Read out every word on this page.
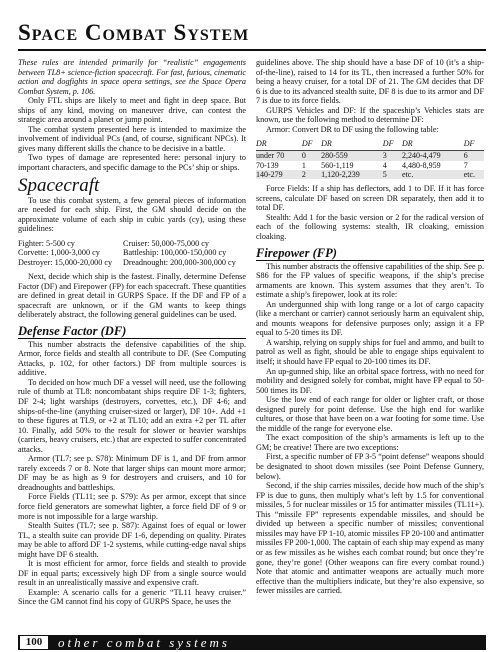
Space Combat System

These rules are intended primarily for “realistic” engagements between TL8+ science-fiction spacecraft. For fast, furious, cinematic action and dogfights in space opera settings, see the Space Opera Combat System, p. 106.

Only FTL ships are likely to meet and fight in deep space. But ships of any kind, moving on maneuver drive, can contest the strategic area around a planet or jump point.

The combat system presented here is intended to maximize the involvement of individual PCs (and, of course, significant NPCs). It gives many different skills the chance to be decisive in a battle.

Two types of damage are represented here: personal injury to important characters, and specific damage to the PCs’ ship or ships.

Spacecraft

To use this combat system, a few general pieces of information are needed for each ship. First, the GM should decide on the approximate volume of each ship in cubic yards (cy), using these guidelines:

Fighter: 5-500 cy	Cruiser: 50,000-75,000 cy
Corvette: 1,000-3,000 cy	Battleship: 100,000-150,000 cy
Destroyer: 15,000-20,000 cy	Dreadnought: 200,000-300,000 cy

Next, decide which ship is the fastest. Finally, determine Defense Factor (DF) and Firepower (FP) for each spacecraft. These quantities are defined in great detail in GURPS Space. If the DF and FP of a spacecraft are unknown, or if the GM wants to keep things deliberately abstract, the following general guidelines can be used.

Defense Factor (DF)

This number abstracts the defensive capabilities of the ship. Armor, force fields and stealth all contribute to DF. (See Computing Attacks, p. 102, for other factors.) DF from multiple sources is additive.

To decided on how much DF a vessel will need, use the following rule of thumb at TL8: noncombatant ships require DF 1-3; fighters, DF 2-4; light warships (destroyers, corvettes, etc.), DF 4-6; and ships-of-the-line (anything cruiser-sized or larger), DF 10+. Add +1 to these figures at TL9, or +2 at TL10; add an extra +2 per TL after 10. Finally, add 50% to the result for slower or heavier warships (carriers, heavy cruisers, etc.) that are expected to suffer concentrated attacks.

Armor (TL7; see p. S78): Minimum DF is 1, and DF from armor rarely exceeds 7 or 8. Note that larger ships can mount more armor; DF may be as high as 9 for destroyers and cruisers, and 10 for dreadnoughts and battleships.

Force Fields (TL11; see p. S79): As per armor, except that since force field generators are somewhat lighter, a force field DF of 9 or more is not impossible for a large warship.

Stealth Suites (TL7; see p. S87): Against foes of equal or lower TL, a stealth suite can provide DF 1-6, depending on quality. Pirates may be able to afford DF 1-2 systems, while cutting-edge naval ships might have DF 6 stealth.

It is most efficient for armor, force fields and stealth to provide DF in equal parts; excessively high DF from a single source would result in an unrealistically massive and expensive craft.

Example: A scenario calls for a generic “TL11 heavy cruiser.” Since the GM cannot find his copy of GURPS Space, he uses the

guidelines above. The ship should have a base DF of 10 (it’s a ship-of-the-line), raised to 14 for its TL, then increased a further 50% for being a heavy cruiser, for a total DF of 21. The GM decides that DF 6 is due to its advanced stealth suite, DF 8 is due to its armor and DF 7 is due to its force fields.

GURPS Vehicles and DF: If the spaceship’s Vehicles stats are known, use the following method to determine DF:

Armor: Convert DR to DF using the following table:

DR	DF	DR	DF	DR	DF
under 70	0	280-559	3	2,240-4,479	6
70-139	1	560-1,119	4	4,480-8,959	7
140-279	2	1,120-2,239	5	etc.	etc.

Force Fields: If a ship has deflectors, add 1 to DF. If it has force screens, calculate DF based on screen DR separately, then add it to total DF.

Stealth: Add 1 for the basic version or 2 for the radical version of each of the following systems: stealth, IR cloaking, emission cloaking.

Firepower (FP)

This number abstracts the offensive capabilities of the ship. See p. S86 for the FP values of specific weapons, if the ship’s precise armaments are known. This system assumes that they aren’t. To estimate a ship’s firepower, look at its role:

An undergunned ship with long range or a lot of cargo capacity (like a merchant or carrier) cannot seriously harm an equivalent ship, and mounts weapons for defensive purposes only; assign it a FP equal to 5-20 times its DF.

A warship, relying on supply ships for fuel and ammo, and built to patrol as well as fight, should be able to engage ships equivalent to itself; it should have FP equal to 20-100 times its DF.

An up-gunned ship, like an orbital space fortress, with no need for mobility and designed solely for combat, might have FP equal to 50-500 times its DF.

Use the low end of each range for older or lighter craft, or those designed purely for point defense. Use the high end for warlike cultures, or those that have been on a war footing for some time. Use the middle of the range for everyone else.

The exact composition of the ship’s armaments is left up to the GM; be creative! There are two exceptions:

First, a specific number of FP 3-5 “point defense” weapons should be designated to shoot down missiles (see Point Defense Gunnery, below).

Second, if the ship carries missiles, decide how much of the ship’s FP is due to guns, then multiply what’s left by 1.5 for conventional missiles, 5 for nuclear missiles or 15 for antimatter missiles (TL11+). This “missile FP” represents expendable missiles, and should be divided up between a specific number of missiles; conventional missiles may have FP 1-10, atomic missiles FP 20-100 and antimatter missiles FP 200-1,000. The captain of each ship may expend as many or as few missiles as he wishes each combat round; but once they’re gone, they’re gone! (Other weapons can fire every combat round.) Note that atomic and antimatter weapons are actually much more effective than the multipliers indicate, but they’re also expensive, so fewer missiles are carried.

100	other combat systems
